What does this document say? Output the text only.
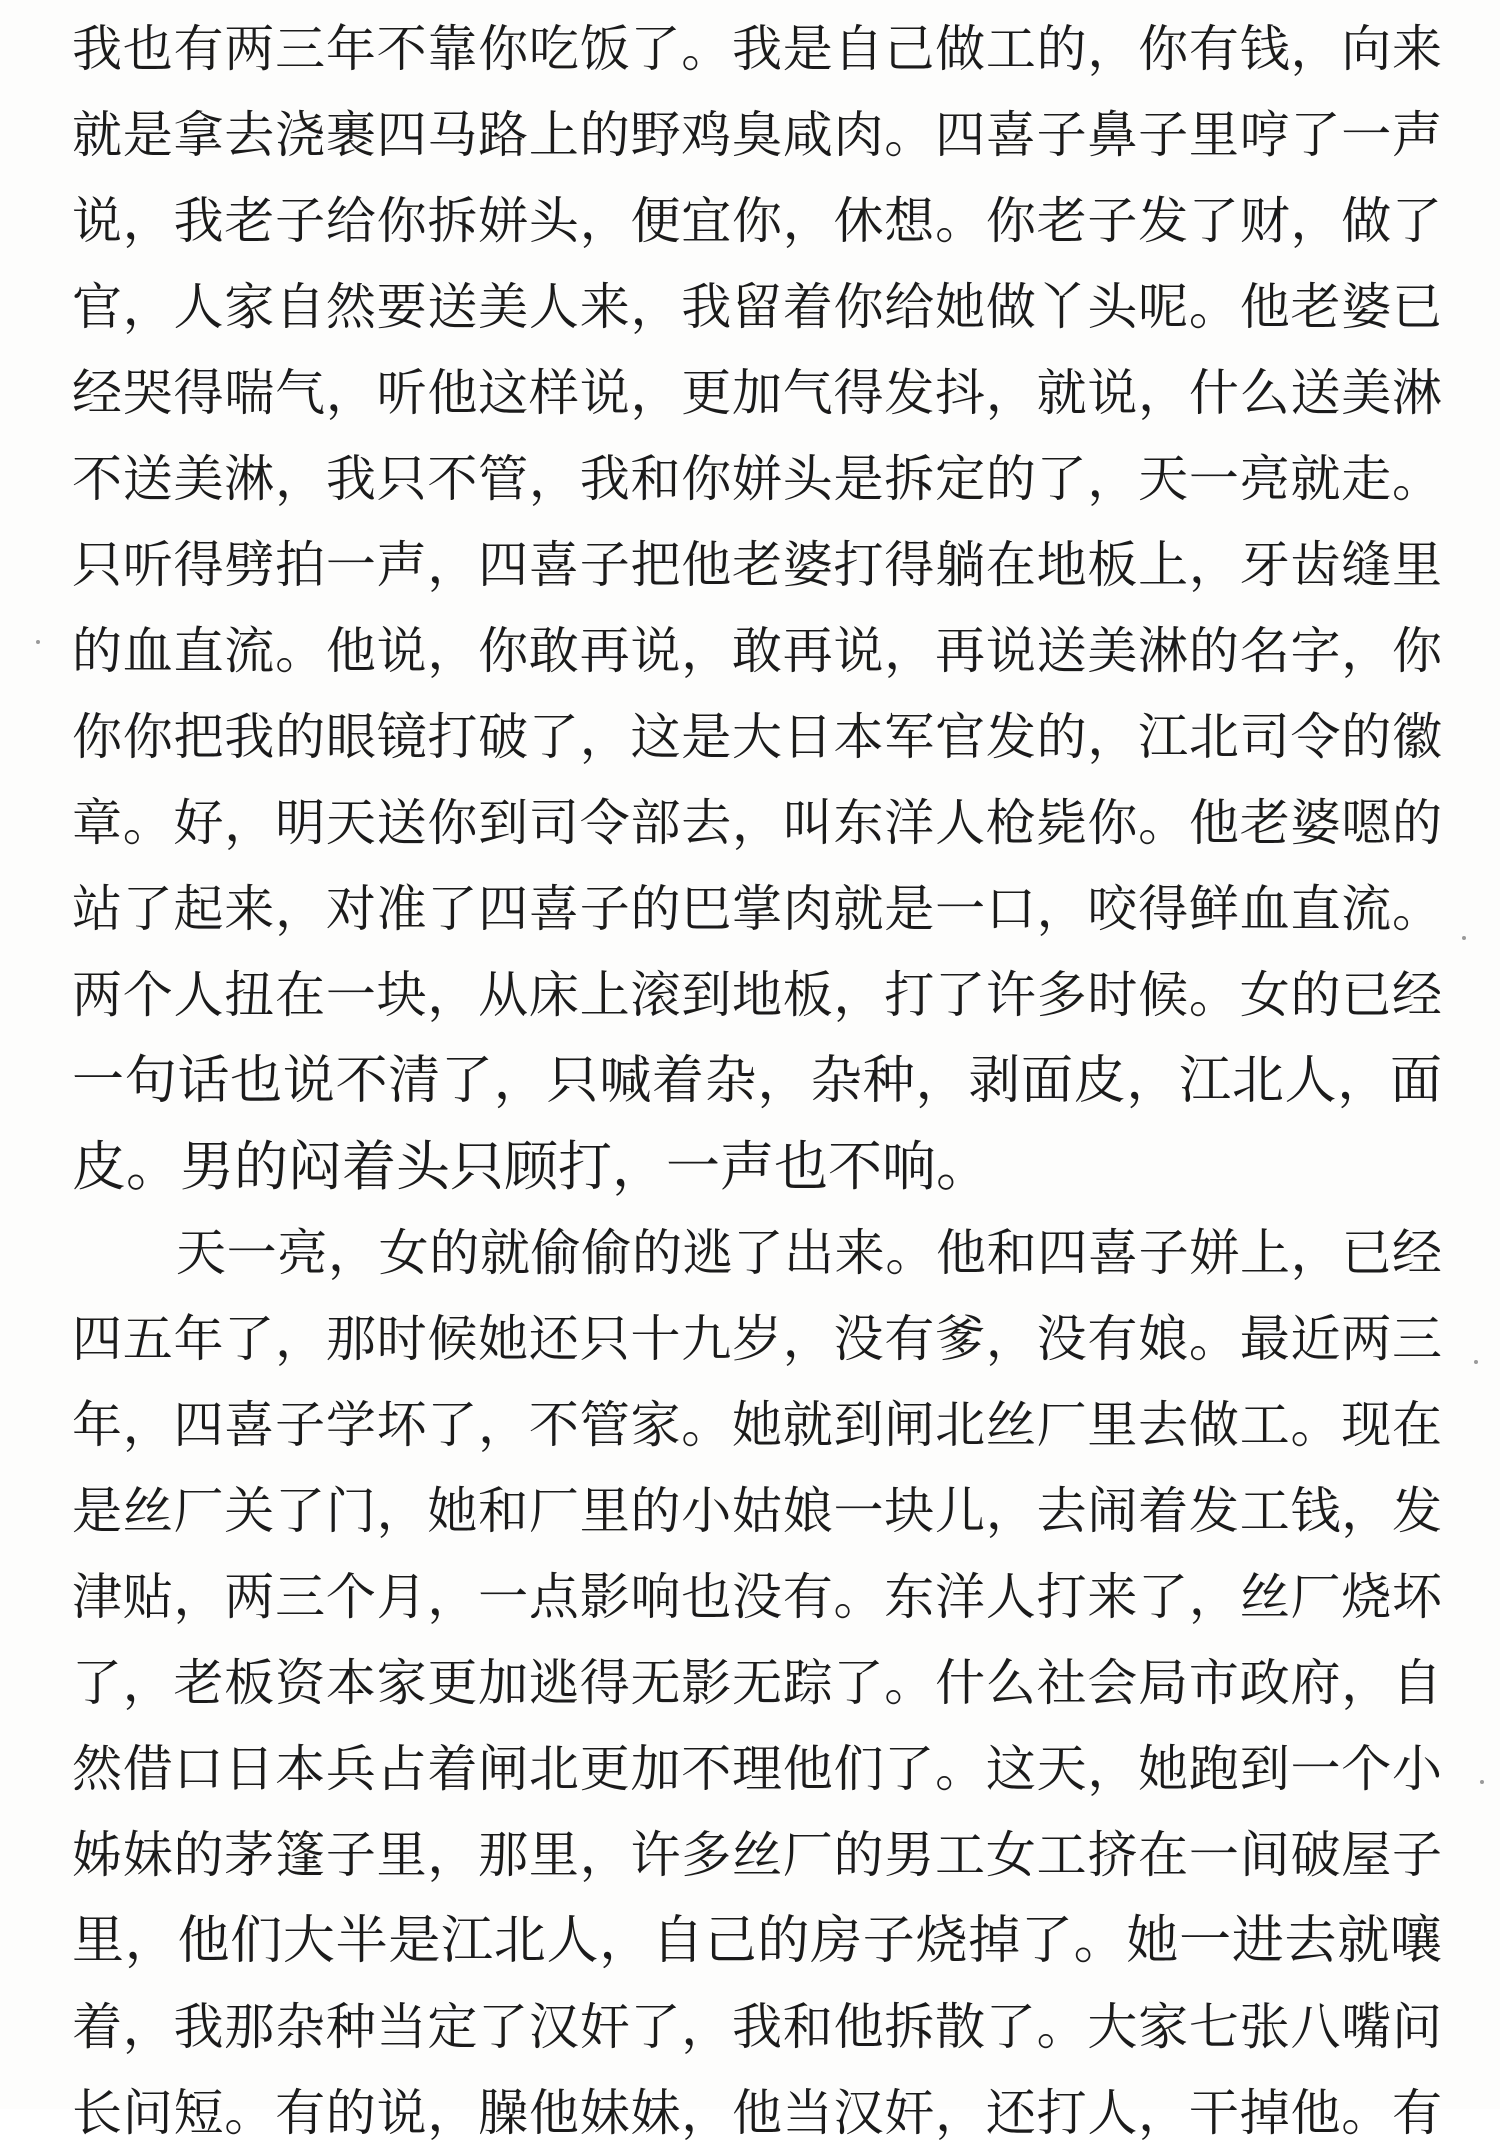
我也有两三年不靠你吃饭了。我是自己做工的，你有钱，向来
就是拿去浇裹四马路上的野鸡臭咸肉。四喜子鼻子里哼了一声
说，我老子给你拆姘头，便宜你，休想。你老子发了财，做了
官，人家自然要送美人来，我留着你给她做丫头呢。他老婆已
经哭得喘气，听他这样说，更加气得发抖，就说，什么送美淋
不送美淋，我只不管，我和你姘头是拆定的了，天一亮就走。
只听得劈拍一声，四喜子把他老婆打得躺在地板上，牙齿缝里
的血直流。他说，你敢再说，敢再说，再说送美淋的名字，你
你你把我的眼镜打破了，这是大日本军官发的，江北司令的徽
章。好，明天送你到司令部去，叫东洋人枪毙你。他老婆嗯的
站了起来，对准了四喜子的巴掌肉就是一口，咬得鲜血直流。
两个人扭在一块，从床上滚到地板，打了许多时候。女的已经
一句话也说不清了，只喊着杂，杂种，剥面皮，江北人，面
皮。男的闷着头只顾打，一声也不响。
天一亮，女的就偷偷的逃了出来。他和四喜子姘上，已经
四五年了，那时候她还只十九岁，没有爹，没有娘。最近两三
年，四喜子学坏了，不管家。她就到闸北丝厂里去做工。现在
是丝厂关了门，她和厂里的小姑娘一块儿，去闹着发工钱，发
津贴，两三个月，一点影响也没有。东洋人打来了，丝厂烧坏
了，老板资本家更加逃得无影无踪了。什么社会局市政府，自
然借口日本兵占着闸北更加不理他们了。这天，她跑到一个小
姊妹的茅篷子里，那里，许多丝厂的男工女工挤在一间破屋子
里，他们大半是江北人，自己的房子烧掉了。她一进去就嚷
着，我那杂种当定了汉奸了，我和他拆散了。大家七张八嘴问
长问短。有的说，臊他妹妹，他当汉奸，还打人，干掉他。有
